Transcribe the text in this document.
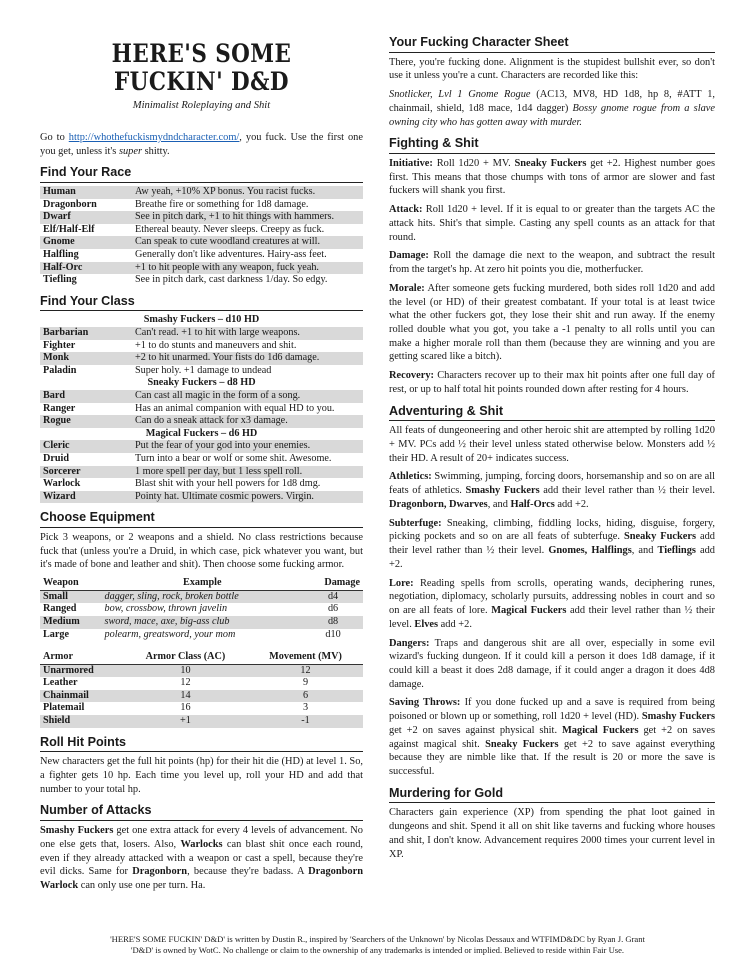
HERE'S SOME FUCKIN' D&D
Minimalist Roleplaying and Shit

Go to http://whothefuckismydndcharacter.com/, you fuck. Use the first one you get, unless it's super shitty.

Find Your Race
Human	Aw yeah, +10% XP bonus. You racist fucks.
Dragonborn	Breathe fire or something for 1d8 damage.
Dwarf	See in pitch dark, +1 to hit things with hammers.
Elf/Half-Elf	Ethereal beauty. Never sleeps. Creepy as fuck.
Gnome	Can speak to cute woodland creatures at will.
Halfling	Generally don't like adventures. Hairy-ass feet.
Half-Orc	+1 to hit people with any weapon, fuck yeah.
Tiefling	See in pitch dark, cast darkness 1/day. So edgy.
Find Your Class
Smashy Fuckers – d10 HD	
Barbarian	Can't read. +1 to hit with large weapons.
Fighter	+1 to do stunts and maneuvers and shit.
Monk	+2 to hit unarmed. Your fists do 1d6 damage.
Paladin	Super holy. +1 damage to undead
Sneaky Fuckers – d8 HD	
Bard	Can cast all magic in the form of a song.
Ranger	Has an animal companion with equal HD to you.
Rogue	Can do a sneak attack for x3 damage.
Magical Fuckers – d6 HD	
Cleric	Put the fear of your god into your enemies.
Druid	Turn into a bear or wolf or some shit. Awesome.
Sorcerer	1 more spell per day, but 1 less spell roll.
Warlock	Blast shit with your hell powers for 1d8 dmg.
Wizard	Pointy hat. Ultimate cosmic powers. Virgin.
Choose Equipment

Pick 3 weapons, or 2 weapons and a shield. No class restrictions because fuck that (unless you're a Druid, in which case, pick whatever you want, but it's made of bone and leather and shit). Then choose some fucking armor.

Weapon	Example	Damage
Small	dagger, sling, rock, broken bottle	d4
Ranged	bow, crossbow, thrown javelin	d6
Medium	sword, mace, axe, big-ass club	d8
Large	polearm, greatsword, your mom	d10
Armor	Armor Class (AC)	Movement (MV)
Unarmored	10	12
Leather	12	9
Chainmail	14	6
Platemail	16	3
Shield	+1	-1
Roll Hit Points

New characters get the full hit points (hp) for their hit die (HD) at level 1. So, a fighter gets 10 hp. Each time you level up, roll your HD and add that number to your total hp.

Number of Attacks

Smashy Fuckers get one extra attack for every 4 levels of advancement. No one else gets that, losers. Also, Warlocks can blast shit once each round, even if they already attacked with a weapon or cast a spell, because they're evil dicks. Same for Dragonborn, because they're badass. A Dragonborn Warlock can only use one per turn. Ha.

Your Fucking Character Sheet

There, you're fucking done. Alignment is the stupidest bullshit ever, so don't use it unless you're a cunt. Characters are recorded like this:

Snotlicker, Lvl 1 Gnome Rogue (AC13, MV8, HD 1d8, hp 8, #ATT 1, chainmail, shield, 1d8 mace, 1d4 dagger) Bossy gnome rogue from a slave owning city who has gotten away with murder.

Fighting & Shit

Initiative: Roll 1d20 + MV. Sneaky Fuckers get +2. Highest number goes first. This means that those chumps with tons of armor are slower and fast fuckers will shank you first.

Attack: Roll 1d20 + level. If it is equal to or greater than the targets AC the attack hits. Shit's that simple. Casting any spell counts as an attack for that round.

Damage: Roll the damage die next to the weapon, and subtract the result from the target's hp. At zero hit points you die, motherfucker.

Morale: After someone gets fucking murdered, both sides roll 1d20 and add the level (or HD) of their greatest combatant. If your total is at least twice what the other fuckers got, they lose their shit and run away. If the enemy rolled double what you got, you take a -1 penalty to all rolls until you can make a higher morale roll than them (because they are winning and you are getting scared like a bitch).

Recovery: Characters recover up to their max hit points after one full day of rest, or up to half total hit points rounded down after resting for 4 hours.

Adventuring & Shit

All feats of dungeoneering and other heroic shit are attempted by rolling 1d20 + MV. PCs add ½ their level unless stated otherwise below. Monsters add ½ their HD. A result of 20+ indicates success.

Athletics: Swimming, jumping, forcing doors, horsemanship and so on are all feats of athletics. Smashy Fuckers add their level rather than ½ their level. Dragonborn, Dwarves, and Half-Orcs add +2.

Subterfuge: Sneaking, climbing, fiddling locks, hiding, disguise, forgery, picking pockets and so on are all feats of subterfuge. Sneaky Fuckers add their level rather than ½ their level. Gnomes, Halflings, and Tieflings add +2.

Lore: Reading spells from scrolls, operating wands, deciphering runes, negotiation, diplomacy, scholarly pursuits, addressing nobles in court and so on are all feats of lore. Magical Fuckers add their level rather than ½ their level. Elves add +2.

Dangers: Traps and dangerous shit are all over, especially in some evil wizard's fucking dungeon. If it could kill a person it does 1d8 damage, if it could kill a beast it does 2d8 damage, if it could anger a dragon it does 4d8 damage.

Saving Throws: If you done fucked up and a save is required from being poisoned or blown up or something, roll 1d20 + level (HD). Smashy Fuckers get +2 on saves against physical shit. Magical Fuckers get +2 on saves against magical shit. Sneaky Fuckers get +2 to save against everything because they are nimble like that. If the result is 20 or more the save is successful.

Murdering for Gold

Characters gain experience (XP) from spending the phat loot gained in dungeons and shit. Spend it all on shit like taverns and fucking whore houses and shit, I don't know. Advancement requires 2000 times your current level in XP.

'HERE'S SOME FUCKIN' D&D' is written by Dustin R., inspired by 'Searchers of the Unknown' by Nicolas Dessaux and WTFIMD&DC by Ryan J. Grant
'D&D' is owned by WotC. No challenge or claim to the ownership of any trademarks is intended or implied. Believed to reside within Fair Use.
